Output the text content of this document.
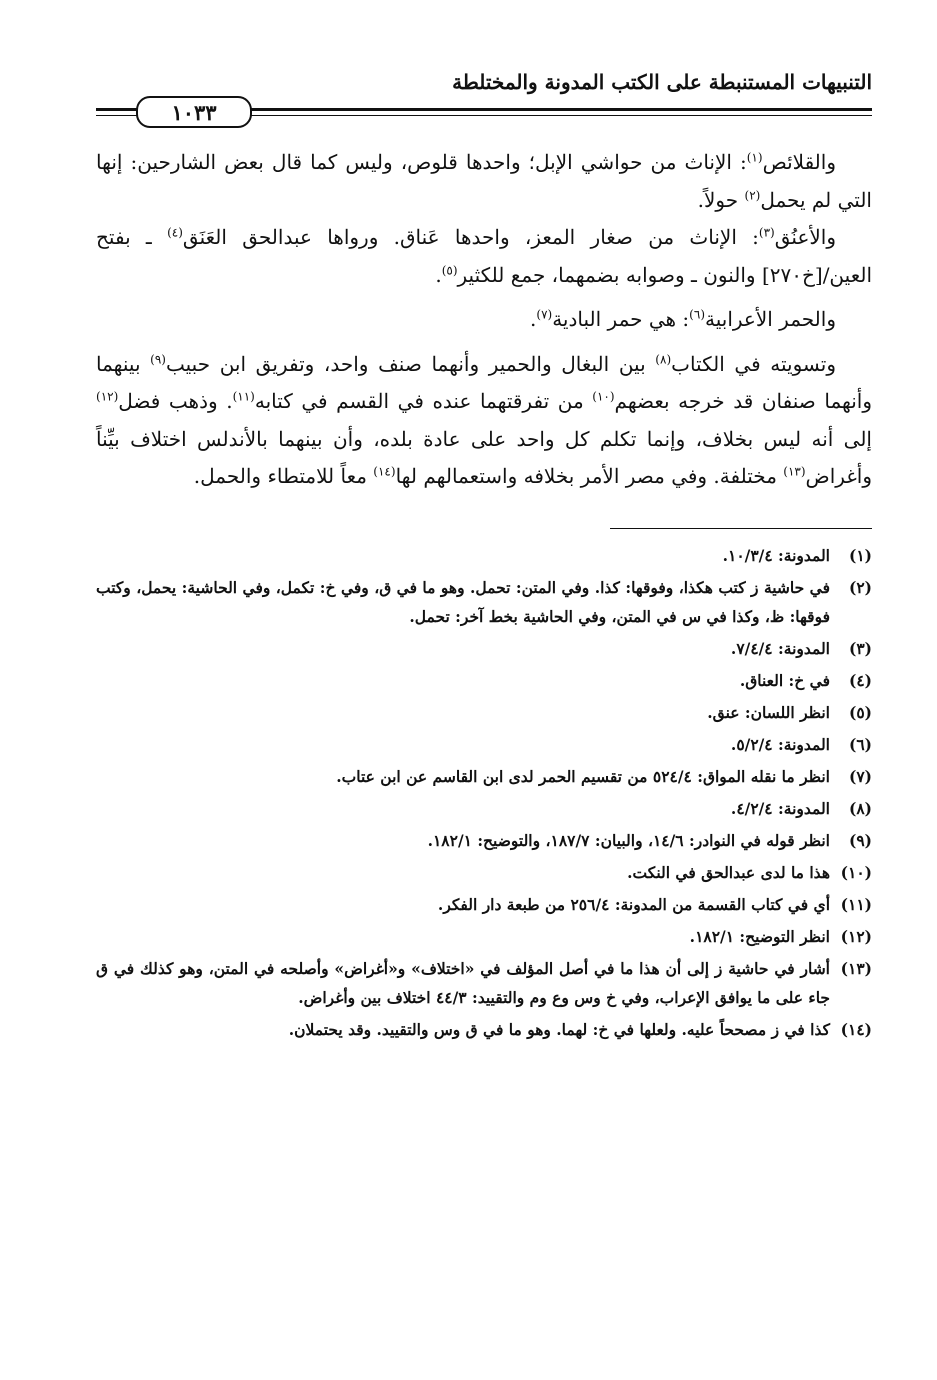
التنبيهات المستنبطة على الكتب المدونة والمختلطة
١٠٣٣

والقلائص$^{(١)}$: الإناث من حواشي الإبل؛ واحدها قلوص، وليس كما قال بعض الشارحين: إنها التي لم يحمل$^{(٢)}$ حولاً.

والأعنُق$^{(٣)}$: الإناث من صغار المعز، واحدها عَناق. ورواها عبدالحق العَنَق$^{(٤)}$ ـ بفتح العين/[خ٢٧٠] والنون ـ وصوابه بضمهما، جمع للكثير$^{(٥)}$.

والحمر الأعرابية$^{(٦)}$: هي حمر البادية$^{(٧)}$.

وتسويته في الكتاب$^{(٨)}$ بين البغال والحمير وأنهما صنف واحد، وتفريق ابن حبيب$^{(٩)}$ بينهما وأنهما صنفان قد خرجه بعضهم$^{(١٠)}$ من تفرقتهما عنده في القسم في كتابه$^{(١١)}$. وذهب فضل$^{(١٢)}$ إلى أنه ليس بخلاف، وإنما تكلم كل واحد على عادة بلده، وأن بينهما بالأندلس اختلاف بيِّناً وأغراض$^{(١٣)}$ مختلفة. وفي مصر الأمر بخلافه واستعمالهم لها$^{(١٤)}$ معاً للامتطاء والحمل.

(١)
المدونة: ١٠/٣/٤.
(٢)
في حاشية ز كتب هكذا، وفوقها: كذا. وفي المتن: تحمل. وهو ما في ق، وفي خ: تكمل، وفي الحاشية: يحمل، وكتب فوقها: ظ، وكذا في س في المتن، وفي الحاشية بخط آخر: تحمل.
(٣)
المدونة: ٧/٤/٤.
(٤)
في خ: العناق.
(٥)
انظر اللسان: عنق.
(٦)
المدونة: ٥/٢/٤.
(٧)
انظر ما نقله المواق: ٥٢٤/٤ من تقسيم الحمر لدى ابن القاسم عن ابن عتاب.
(٨)
المدونة: ٤/٢/٤.
(٩)
انظر قوله في النوادر: ١٤/٦، والبيان: ١٨٧/٧، والتوضيح: ١٨٢/١.
(١٠)
هذا ما لدى عبدالحق في النكت.
(١١)
أي في كتاب القسمة من المدونة: ٢٥٦/٤ من طبعة دار الفكر.
(١٢)
انظر التوضيح: ١٨٢/١.
(١٣)
أشار في حاشية ز إلى أن هذا ما في أصل المؤلف في «اختلاف» و«أغراض» وأصلحه في المتن، وهو كذلك في ق جاء على ما يوافق الإعراب، وفي خ وس وع وم والتقييد: ٤٤/٣ اختلاف بين وأغراض.
(١٤)
كذا في ز مصححاً عليه. ولعلها في خ: لهما. وهو ما في ق وس والتقييد. وقد يحتملان.
